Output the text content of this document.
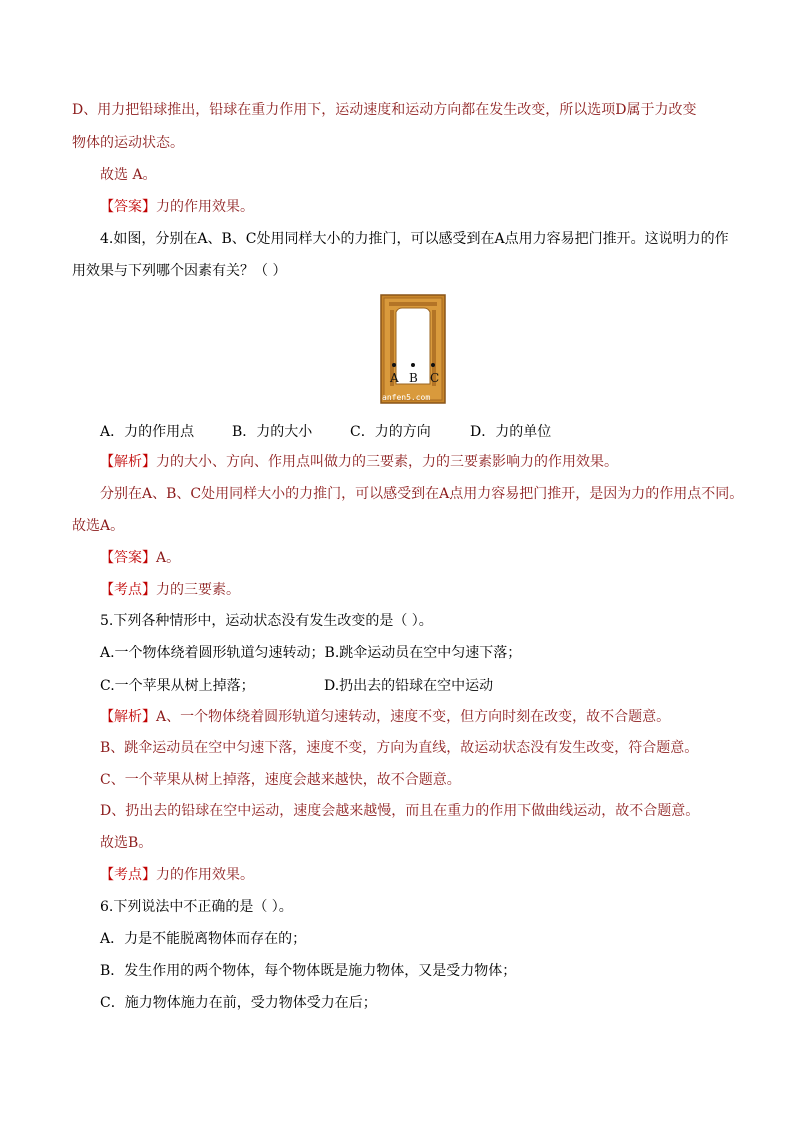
D、用力把铅球推出，铅球在重力作用下，运动速度和运动方向都在发生改变，所以选项D属于力改变
物体的运动状态。
故选 A。
【答案】力的作用效果。
4.如图，分别在A、B、C处用同样大小的力推门，可以感受到在A点用力容易把门推开。这说明力的作
用效果与下列哪个因素有关？（ ）
A B C
anfen5.com
A．力的作用点	B．力的大小	C．力的方向	D．力的单位
【解析】力的大小、方向、作用点叫做力的三要素，力的三要素影响力的作用效果。
分别在A、B、C处用同样大小的力推门，可以感受到在A点用力容易把门推开，是因为力的作用点不同。
故选A。
【答案】A。
【考点】力的三要素。
5.下列各种情形中，运动状态没有发生改变的是（ ）。
A.一个物体绕着圆形轨道匀速转动；B.跳伞运动员在空中匀速下落；
C.一个苹果从树上掉落；	D.扔出去的铅球在空中运动
【解析】A、一个物体绕着圆形轨道匀速转动，速度不变，但方向时刻在改变，故不合题意。
B、跳伞运动员在空中匀速下落，速度不变，方向为直线，故运动状态没有发生改变，符合题意。
C、一个苹果从树上掉落，速度会越来越快，故不合题意。
D、扔出去的铅球在空中运动，速度会越来越慢，而且在重力的作用下做曲线运动，故不合题意。
故选B。
【考点】力的作用效果。
6.下列说法中不正确的是（ ）。
A．力是不能脱离物体而存在的；
B．发生作用的两个物体，每个物体既是施力物体，又是受力物体；
C．施力物体施力在前，受力物体受力在后；
